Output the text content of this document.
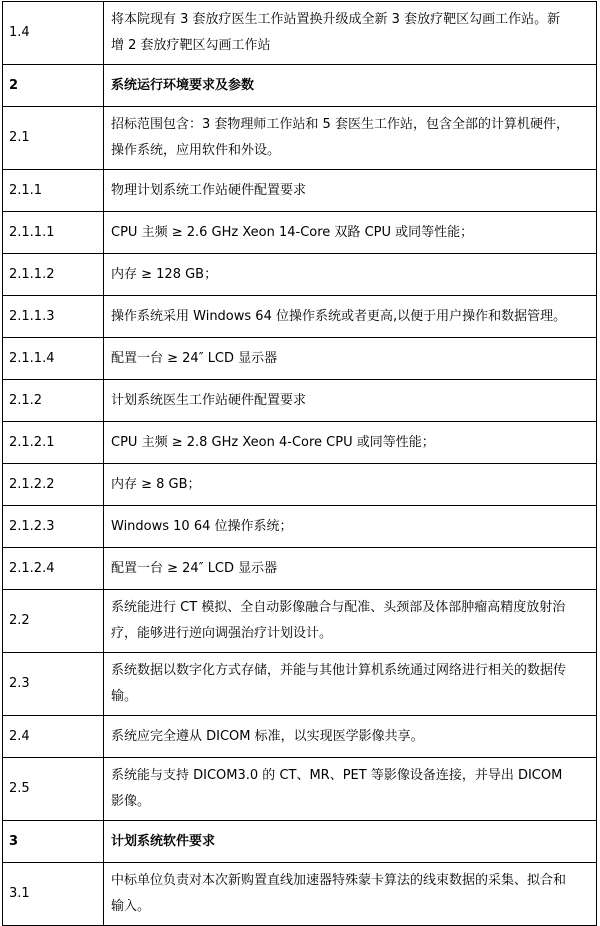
1.4	将本院现有 3 套放疗医生工作站置换升级成全新 3 套放疗靶区勾画工作站。新
增 2 套放疗靶区勾画工作站

2	系统运行环境要求及参数

2.1	招标范围包含：3 套物理师工作站和 5 套医生工作站，包含全部的计算机硬件，
操作系统，应用软件和外设。

2.1.1	物理计划系统工作站硬件配置要求

2.1.1.1	CPU 主频 ≥ 2.6 GHz Xeon 14-Core 双路 CPU 或同等性能；

2.1.1.2	内存 ≥ 128 GB；

2.1.1.3	操作系统采用 Windows 64 位操作系统或者更高,以便于用户操作和数据管理。

2.1.1.4	配置一台 ≥ 24″ LCD 显示器

2.1.2	计划系统医生工作站硬件配置要求

2.1.2.1	CPU 主频 ≥ 2.8 GHz Xeon 4-Core CPU 或同等性能；

2.1.2.2	内存 ≥ 8 GB；

2.1.2.3	Windows 10 64 位操作系统；

2.1.2.4	配置一台 ≥ 24″ LCD 显示器

2.2	系统能进行 CT 模拟、全自动影像融合与配准、头颈部及体部肿瘤高精度放射治
疗，能够进行逆向调强治疗计划设计。

2.3	系统数据以数字化方式存储，并能与其他计算机系统通过网络进行相关的数据传
输。

2.4	系统应完全遵从 DICOM 标准，以实现医学影像共享。

2.5	系统能与支持 DICOM3.0 的 CT、MR、PET 等影像设备连接，并导出 DICOM
影像。

3	计划系统软件要求

3.1	中标单位负责对本次新购置直线加速器特殊蒙卡算法的线束数据的采集、拟合和
输入。
